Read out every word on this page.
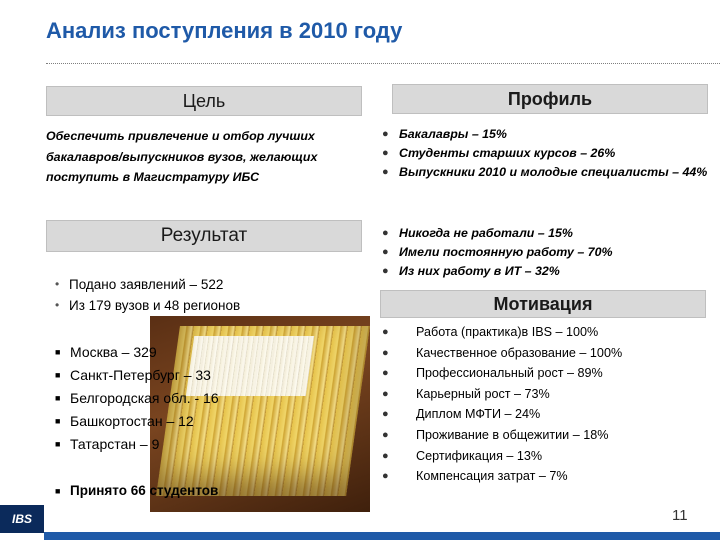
Анализ поступления в 2010 году
Цель
Обеспечить привлечение и отбор лучших бакалавров/выпускников вузов, желающих поступить в Магистратуру ИБС
Профиль
● Бакалавры – 15%
● Студенты старших курсов – 26%
● Выпускники 2010 и молодые специалисты – 44%
● Никогда не работали – 15%
● Имели постоянную работу – 70%
● Из них работу в ИТ – 32%
Результат
• Подано заявлений – 522
• Из 179 вузов и 48 регионов
■ Москва – 329
■ Санкт-Петербург – 33
■ Белгородская обл. - 16
■ Башкортостан – 12
■ Татарстан – 9
■ Принято 66 студентов
Мотивация
● Работа (практика)в IBS – 100%
● Качественное образование – 100%
● Профессиональный рост – 89%
● Карьерный рост – 73%
● Диплом МФТИ – 24%
● Проживание в общежитии – 18%
● Сертификация – 13%
● Компенсация затрат – 7%
IBS	11
